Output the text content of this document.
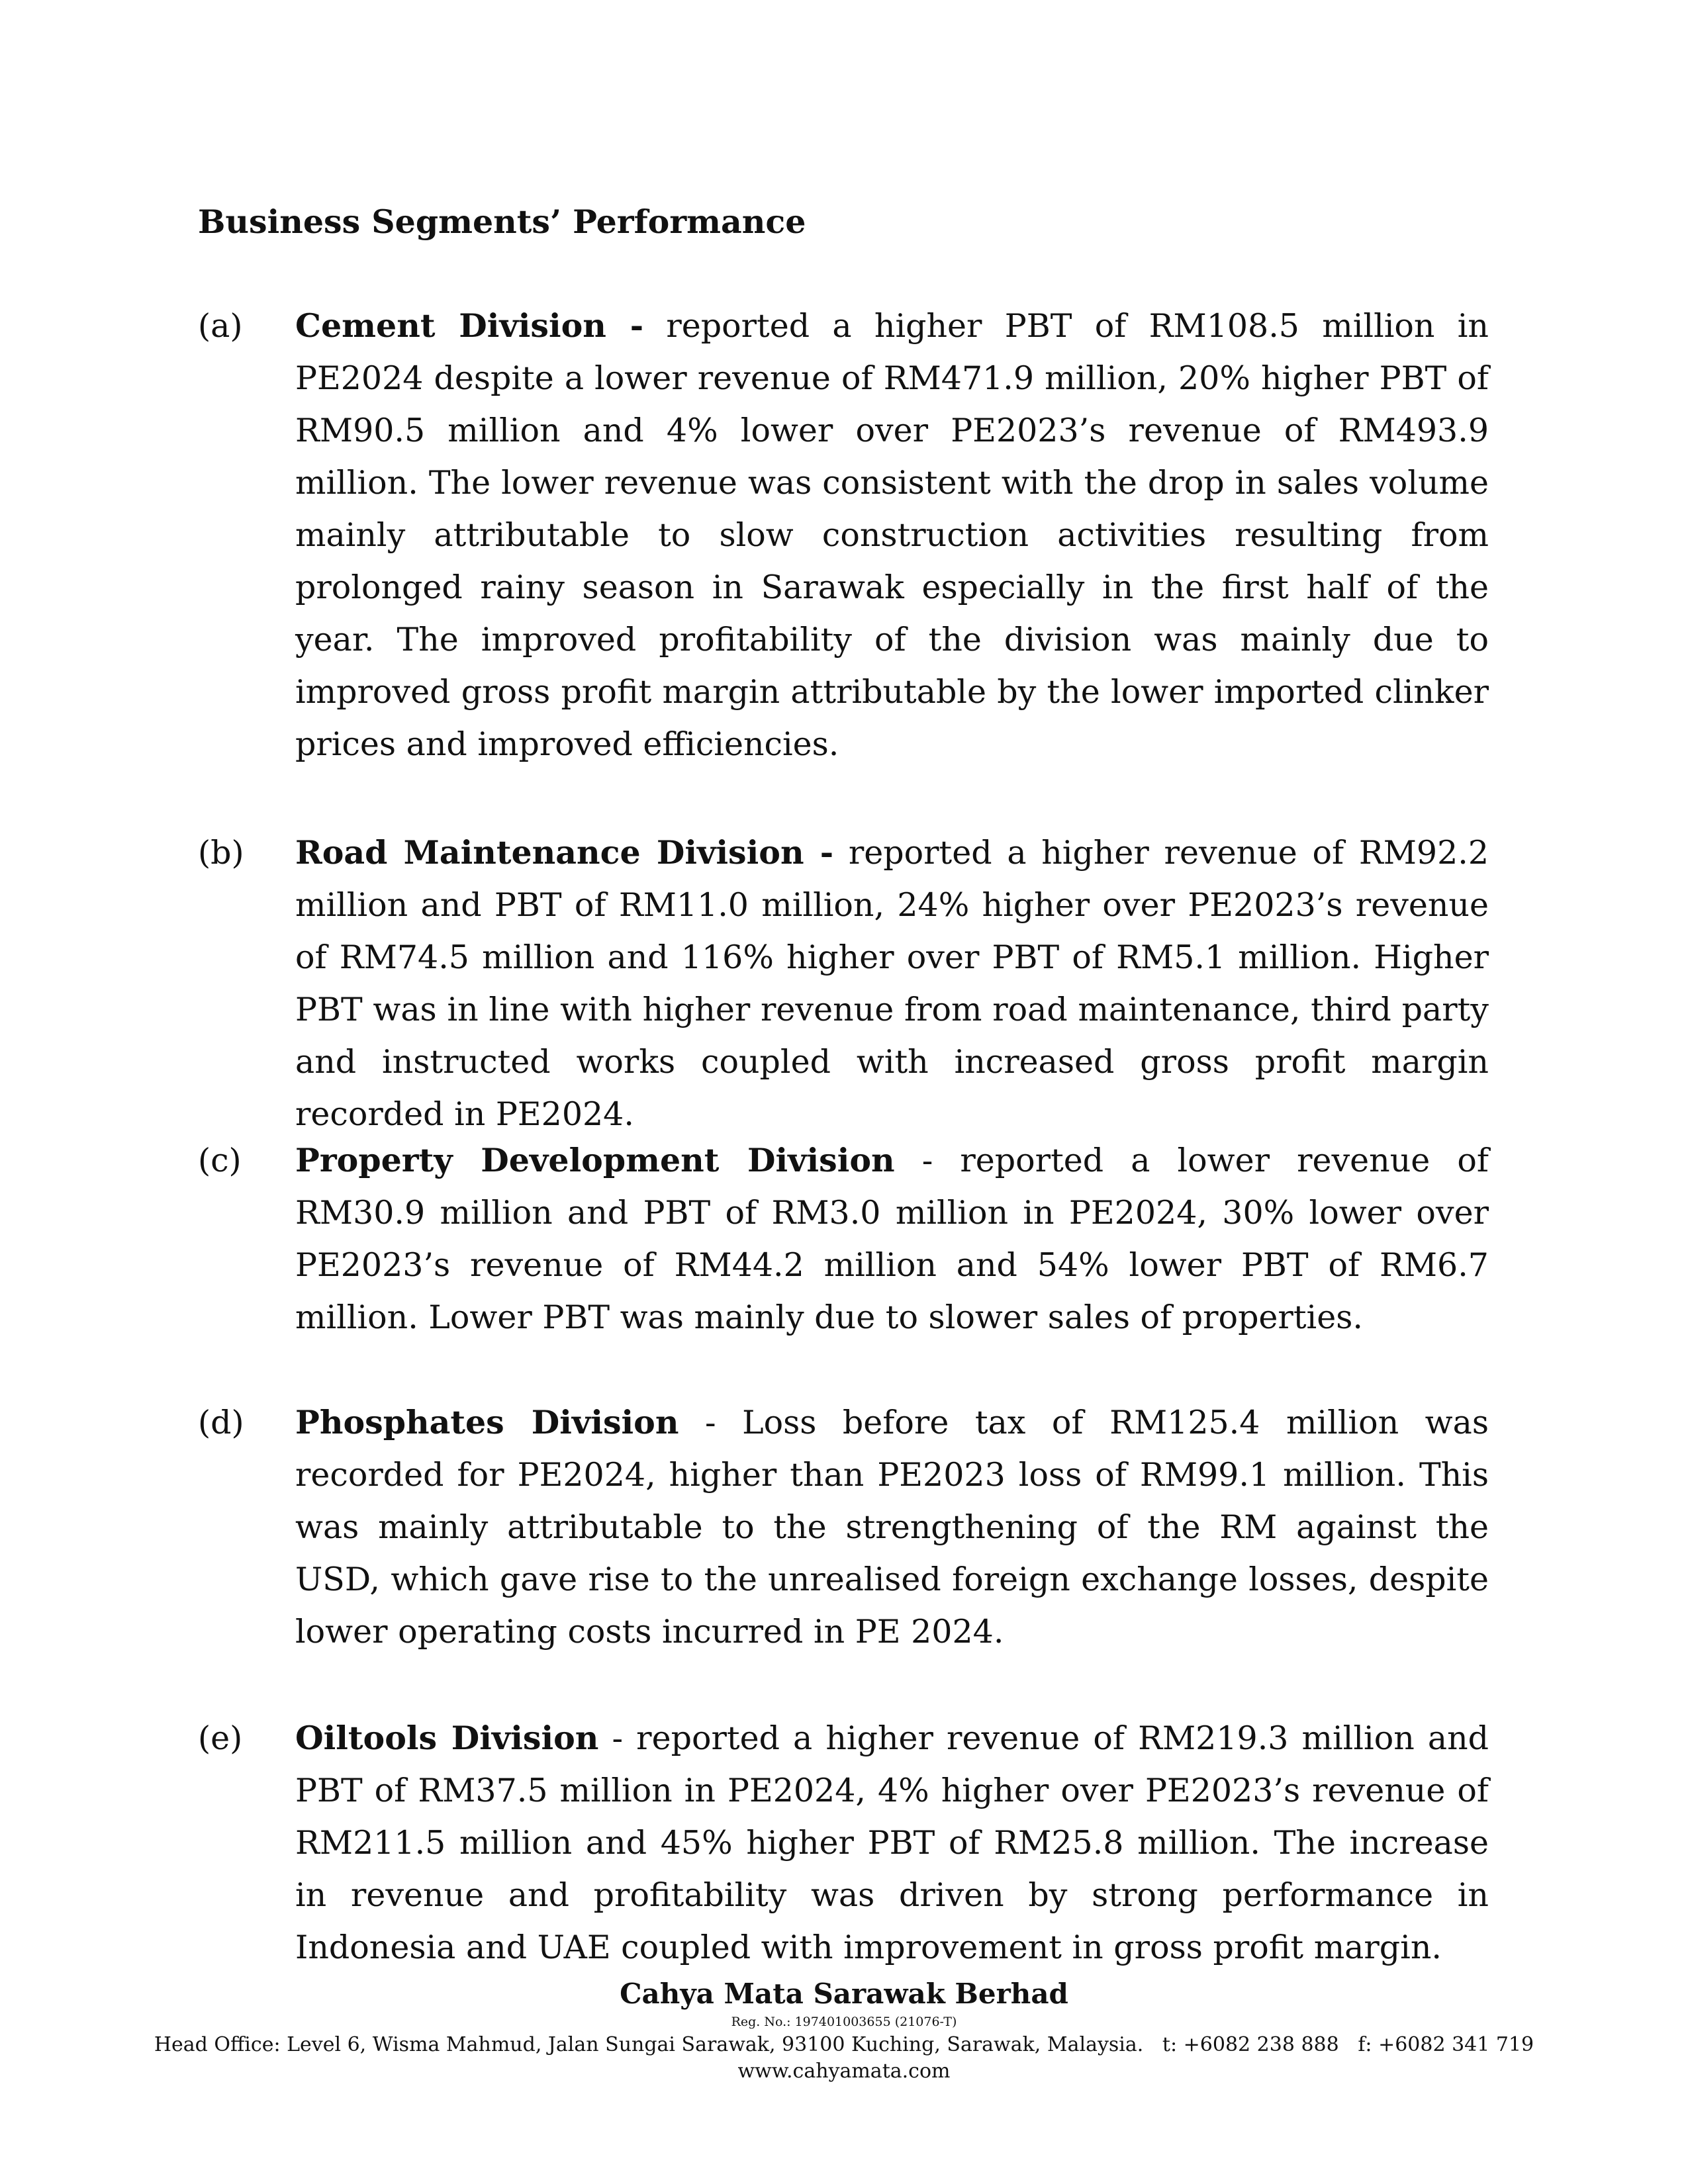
Business Segments’ Performance
(a) Cement Division - reported a higher PBT of RM108.5 million in PE2024 despite a lower revenue of RM471.9 million, 20% higher PBT of RM90.5 million and 4% lower over PE2023’s revenue of RM493.9 million. The lower revenue was consistent with the drop in sales volume mainly attributable to slow construction activities resulting from prolonged rainy season in Sarawak especially in the first half of the year. The improved profitability of the division was mainly due to improved gross profit margin attributable by the lower imported clinker prices and improved efficiencies.

(b) Road Maintenance Division - reported a higher revenue of RM92.2 million and PBT of RM11.0 million, 24% higher over PE2023’s revenue of RM74.5 million and 116% higher over PBT of RM5.1 million. Higher PBT was in line with higher revenue from road maintenance, third party and instructed works coupled with increased gross profit margin recorded in PE2024.

(c) Property Development Division - reported a lower revenue of RM30.9 million and PBT of RM3.0 million in PE2024, 30% lower over PE2023’s revenue of RM44.2 million and 54% lower PBT of RM6.7 million. Lower PBT was mainly due to slower sales of properties.

(d) Phosphates Division - Loss before tax of RM125.4 million was recorded for PE2024, higher than PE2023 loss of RM99.1 million. This was mainly attributable to the strengthening of the RM against the USD, which gave rise to the unrealised foreign exchange losses, despite lower operating costs incurred in PE 2024.

(e) Oiltools Division - reported a higher revenue of RM219.3 million and PBT of RM37.5 million in PE2024, 4% higher over PE2023’s revenue of RM211.5 million and 45% higher PBT of RM25.8 million. The increase in revenue and profitability was driven by strong performance in Indonesia and UAE coupled with improvement in gross profit margin.

Cahya Mata Sarawak Berhad
Reg. No.: 197401003655 (21076-T)
Head Office: Level 6, Wisma Mahmud, Jalan Sungai Sarawak, 93100 Kuching, Sarawak, Malaysia.   t: +6082 238 888   f: +6082 341 719
www.cahyamata.com
